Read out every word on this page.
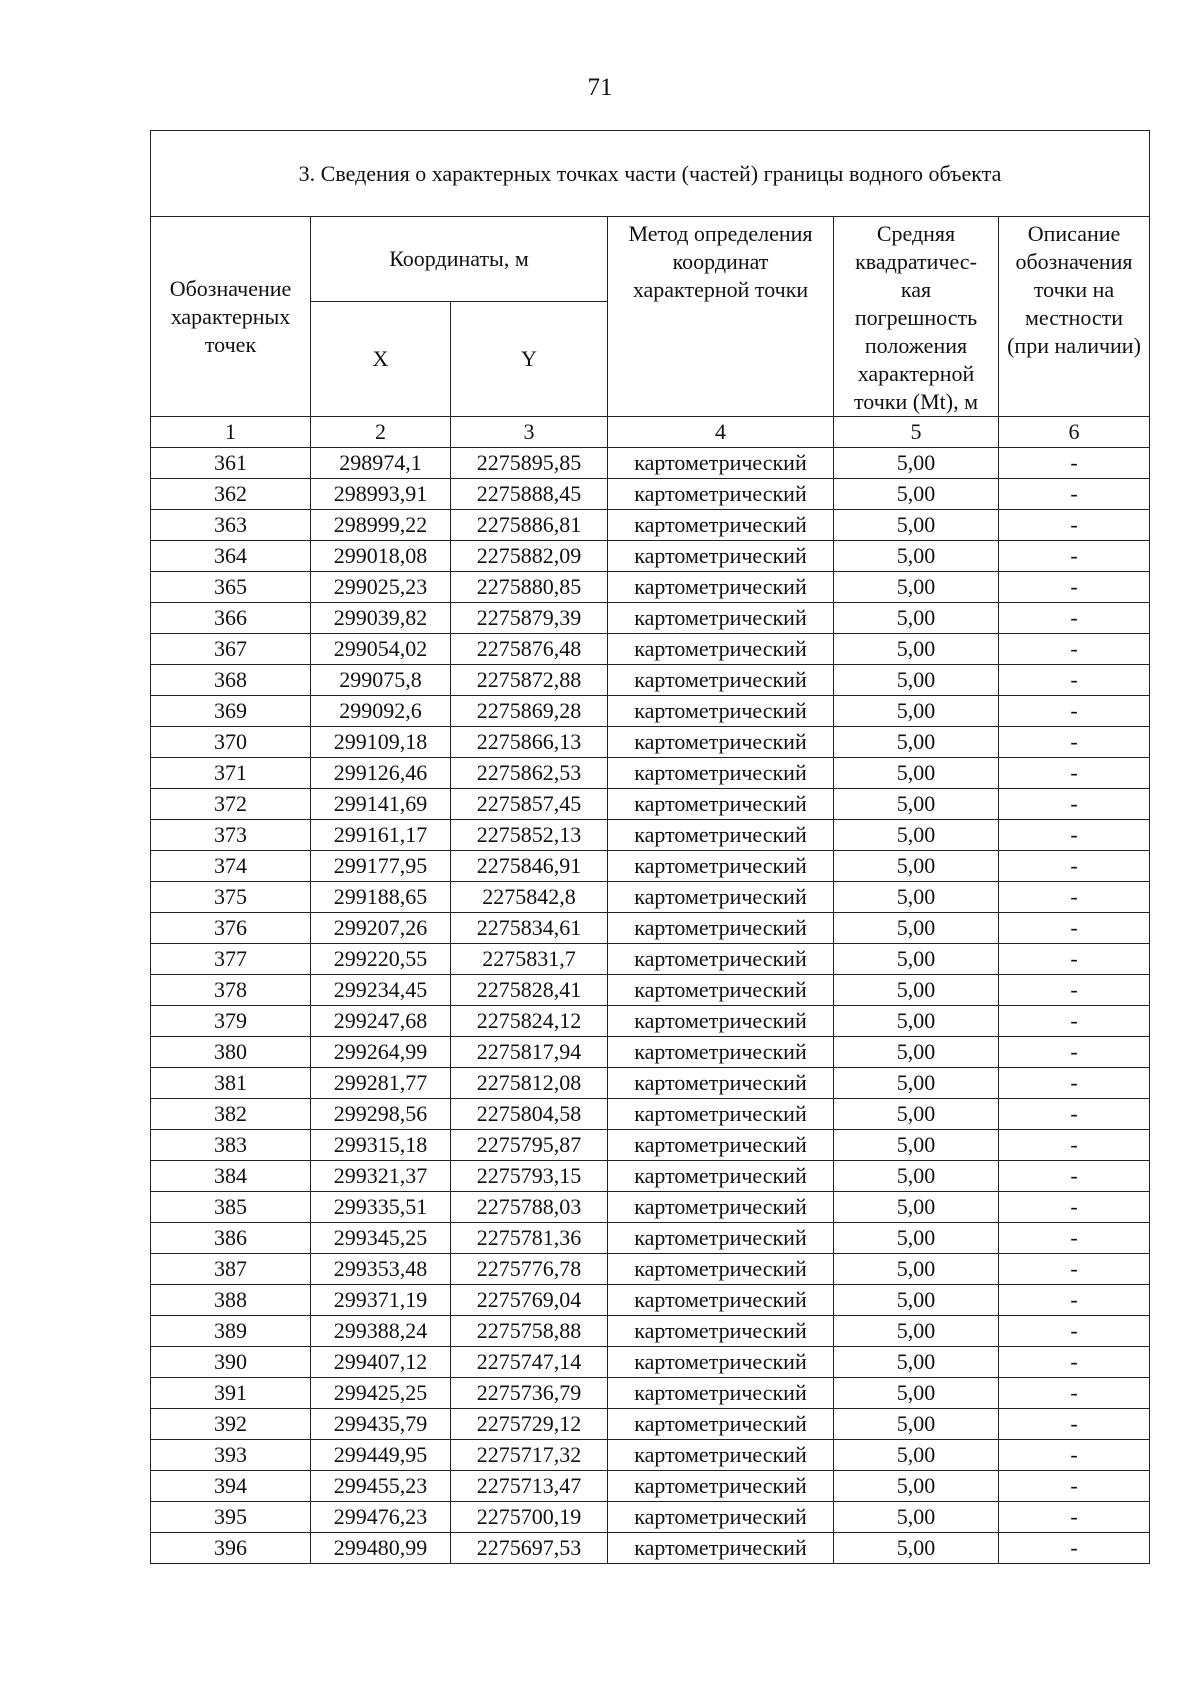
71
3. Сведения о характерных точках части (частей) границы водного объекта					
Обозначение характерных точек	Координаты, м		Метод определения координат характерной точки	Средняя квадратичес-кая погрешность положения характерной точки (Mt), м	Описание обозначения точки на местности (при наличии)
	X	Y			
1	2	3	4	5	6
361	298974,1	2275895,85	картометрический	5,00	-
362	298993,91	2275888,45	картометрический	5,00	-
363	298999,22	2275886,81	картометрический	5,00	-
364	299018,08	2275882,09	картометрический	5,00	-
365	299025,23	2275880,85	картометрический	5,00	-
366	299039,82	2275879,39	картометрический	5,00	-
367	299054,02	2275876,48	картометрический	5,00	-
368	299075,8	2275872,88	картометрический	5,00	-
369	299092,6	2275869,28	картометрический	5,00	-
370	299109,18	2275866,13	картометрический	5,00	-
371	299126,46	2275862,53	картометрический	5,00	-
372	299141,69	2275857,45	картометрический	5,00	-
373	299161,17	2275852,13	картометрический	5,00	-
374	299177,95	2275846,91	картометрический	5,00	-
375	299188,65	2275842,8	картометрический	5,00	-
376	299207,26	2275834,61	картометрический	5,00	-
377	299220,55	2275831,7	картометрический	5,00	-
378	299234,45	2275828,41	картометрический	5,00	-
379	299247,68	2275824,12	картометрический	5,00	-
380	299264,99	2275817,94	картометрический	5,00	-
381	299281,77	2275812,08	картометрический	5,00	-
382	299298,56	2275804,58	картометрический	5,00	-
383	299315,18	2275795,87	картометрический	5,00	-
384	299321,37	2275793,15	картометрический	5,00	-
385	299335,51	2275788,03	картометрический	5,00	-
386	299345,25	2275781,36	картометрический	5,00	-
387	299353,48	2275776,78	картометрический	5,00	-
388	299371,19	2275769,04	картометрический	5,00	-
389	299388,24	2275758,88	картометрический	5,00	-
390	299407,12	2275747,14	картометрический	5,00	-
391	299425,25	2275736,79	картометрический	5,00	-
392	299435,79	2275729,12	картометрический	5,00	-
393	299449,95	2275717,32	картометрический	5,00	-
394	299455,23	2275713,47	картометрический	5,00	-
395	299476,23	2275700,19	картометрический	5,00	-
396	299480,99	2275697,53	картометрический	5,00	-
